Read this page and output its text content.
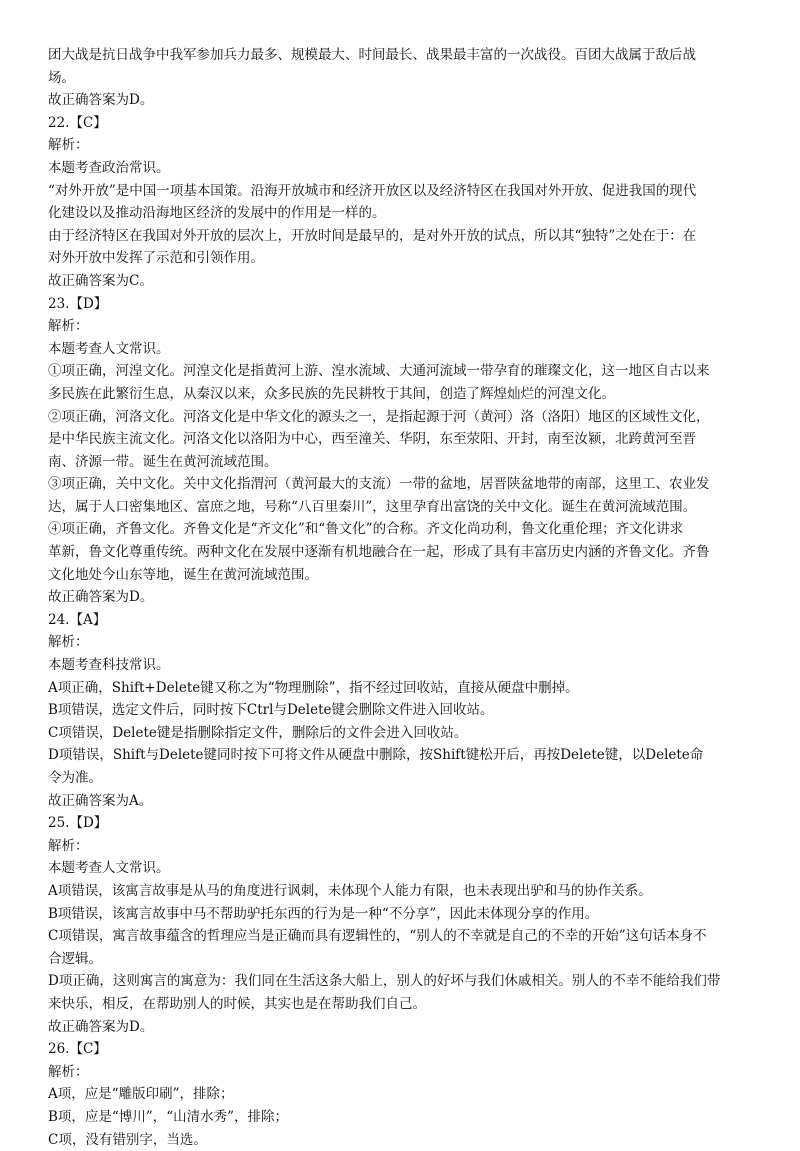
团大战是抗日战争中我军参加兵力最多、规模最大、时间最长、战果最丰富的一次战役。百团大战属于敌后战

场。

故正确答案为D。

22.【C】

解析：

本题考查政治常识。

“对外开放”是中国一项基本国策。沿海开放城市和经济开放区以及经济特区在我国对外开放、促进我国的现代

化建设以及推动沿海地区经济的发展中的作用是一样的。

由于经济特区在我国对外开放的层次上，开放时间是最早的，是对外开放的试点，所以其“独特”之处在于：在

对外开放中发挥了示范和引领作用。

故正确答案为C。

23.【D】

解析：

本题考查人文常识。

①项正确，河湟文化。河湟文化是指黄河上游、湟水流域、大通河流域一带孕育的璀璨文化，这一地区自古以来

多民族在此繁衍生息，从秦汉以来，众多民族的先民耕牧于其间，创造了辉煌灿烂的河湟文化。

②项正确，河洛文化。河洛文化是中华文化的源头之一，是指起源于河（黄河）洛（洛阳）地区的区域性文化，

是中华民族主流文化。河洛文化以洛阳为中心，西至潼关、华阴，东至荥阳、开封，南至汝颍，北跨黄河至晋

南、济源一带。诞生在黄河流域范围。

③项正确，关中文化。关中文化指渭河（黄河最大的支流）一带的盆地，居晋陕盆地带的南部，这里工、农业发

达，属于人口密集地区、富庶之地，号称“八百里秦川”，这里孕育出富饶的关中文化。诞生在黄河流域范围。

④项正确，齐鲁文化。齐鲁文化是“齐文化”和“鲁文化”的合称。齐文化尚功利，鲁文化重伦理；齐文化讲求

革新，鲁文化尊重传统。两种文化在发展中逐渐有机地融合在一起，形成了具有丰富历史内涵的齐鲁文化。齐鲁

文化地处今山东等地，诞生在黄河流域范围。

故正确答案为D。

24.【A】

解析：

本题考查科技常识。

A项正确，Shift+Delete键又称之为“物理删除”，指不经过回收站，直接从硬盘中删掉。

B项错误，选定文件后，同时按下Ctrl与Delete键会删除文件进入回收站。

C项错误，Delete键是指删除指定文件，删除后的文件会进入回收站。

D项错误，Shift与Delete键同时按下可将文件从硬盘中删除，按Shift键松开后，再按Delete键，以Delete命

令为准。

故正确答案为A。

25.【D】

解析：

本题考查人文常识。

A项错误，该寓言故事是从马的角度进行讽刺，未体现个人能力有限，也未表现出驴和马的协作关系。

B项错误，该寓言故事中马不帮助驴托东西的行为是一种“不分享”，因此未体现分享的作用。

C项错误，寓言故事蕴含的哲理应当是正确而具有逻辑性的，“别人的不幸就是自己的不幸的开始”这句话本身不

合逻辑。

D项正确，这则寓言的寓意为：我们同在生活这条大船上，别人的好坏与我们休戚相关。别人的不幸不能给我们带

来快乐，相反，在帮助别人的时候，其实也是在帮助我们自己。

故正确答案为D。

26.【C】

解析：

A项，应是“雕版印刷”，排除；

B项，应是“博川”，“山清水秀”，排除；

C项，没有错别字，当选。
